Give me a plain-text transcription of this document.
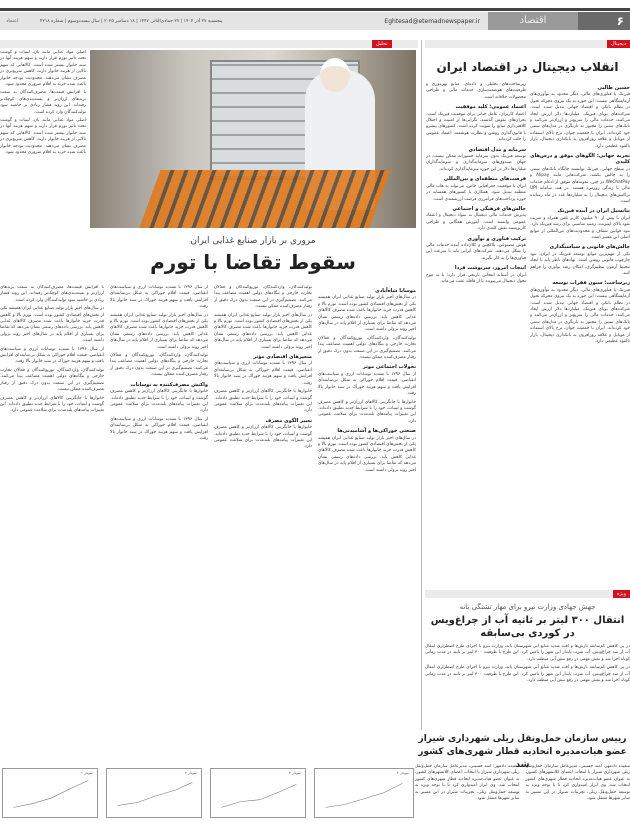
۶
اقتصاد
Eghtesad@etemadnewspaper.ir
پنجشنبه ۲۷ آذر ۱۴۰۴ | ۲۷ جمادی‌الثانی ۱۴۴۷ | ۱۸ دسامبر ۲۰۲۵ | سال بیست‌وسوم | شماره ۴۲۱۸
اعتماد
دیجیتال
انقلاب دیجیتال در اقتصاد ایران
حسین طالبی

فین‌تک یا فناوری‌های مالی، دیگر محدود به نوآوری‌های آزمایشگاهی نیست؛ این حوزه به یک نیروی محرکه تحول در نظام بانکی و اقتصاد جهانی تبدیل شده است. شرکت‌های نوپای فین‌تک، میلیاردها دلار ارزش ایجاد می‌کنند، خدمات مالی را سریع‌تر و ارزان‌تر می‌کنند و بانک‌های سنتی را مجبور به بازنگری در مدل‌های سنتی خود کرده‌اند. ایران با جمعیت جوان، نرخ بالای استفاده از موبایل و علاقه روزافزون به بانکداری دیجیتال، بازار بالقوه عظیمی دارد.

تجربه جهانی: الگوهای موفق و درس‌های کلیدی

در سطح جهانی، فین‌تک توانسته جایگاه بانک‌های سنتی را به چالش بکشد. شرکت‌هایی مانند Alipay و WeChatPay در چین، نمونه‌های موفق از ادغام خدمات مالی با زندگی روزمره هستند. در هند، سامانه UPI تراکنش‌های دیجیتال را به میلیاردها عدد در ماه رسانده است.

پتانسیل ایران در آینده فین‌تک

ایران با بیش از ۹۰ میلیون کاربر تلفن همراه و ضریب نفوذ بالای اینترنت، زمینه مناسبی برای رشد فین‌تک دارد. نبود قوانین شفاف و محدودیت‌های بین‌المللی از موانع اصلی این مسیر است.

چالش‌های قانونی و سیاستگذاری

یکی از مهم‌ترین موانع توسعه فین‌تک در ایران، نبود چارچوب قانونی روشن است. نهادهای ناظر باید با ایجاد محیط آزمون تنظیم‌گری، امکان رشد نوآوری را فراهم کنند.

زیرساخت؛ ستون فقرات توسعه

فین‌تک یا فناوری‌های مالی، دیگر محدود به نوآوری‌های آزمایشگاهی نیست؛ این حوزه به یک نیروی محرکه تحول در نظام بانکی و اقتصاد جهانی تبدیل شده است. شرکت‌های نوپای فین‌تک، میلیاردها دلار ارزش ایجاد می‌کنند، خدمات مالی را سریع‌تر و ارزان‌تر می‌کنند و بانک‌های سنتی را مجبور به بازنگری در مدل‌های سنتی خود کرده‌اند. ایران با جمعیت جوان، نرخ بالای استفاده از موبایل و علاقه روزافزون به بانکداری دیجیتال، بازار بالقوه عظیمی دارد.

زیرساخت‌های تحلیلی و داده‌ای، منابع بهره‌وری و ظرفیت‌های هوشمندسازی خدمات مالی و طراحی محصولات خلاقانه است.

اعتماد عمومی؛ کلید موفقیت

اعتماد کاربران، عامل حیاتی برای موفقیت فین‌تک است. بحران‌های نقوش گذشته، نگرانی‌ها از امنیت و اختلال کلاهبرداری منابع را تقویت کرده است. کشورهای پیشرو با قانون‌گذاری روشن و نظارت هوشمند، اعتماد عمومی را جلب کرده‌اند.

سرمایه و مدل اقتصادی

توسعه فین‌تک بدون سرمایه جسورانه ممکن نیست. در جهان صندوق‌های سرمایه‌گذاری و سرمایه‌گذاران میلیاردها دلار در این حوزه سرمایه‌گذاری کرده‌اند.

فرصت‌های منطقه‌ای و بین‌المللی

ایران با موقعیت جغرافیایی خاص، می‌تواند به هاب مالی منطقه تبدیل شود. همکاری با کشورهای همسایه در حوزه پرداخت‌های فرامرزی فرصت ارزشمندی است.

چالش‌های فرهنگی و اجتماعی

پذیرش خدمات مالی دیجیتال به سواد دیجیتال و اعتماد عمومی وابسته است. آموزش همگانی و طراحی کاربرپسند نقش کلیدی دارد.

ترکیب فناوری و نوآوری

هوش مصنوعی، بلاکچین و کلان‌داده آینده خدمات مالی را شکل می‌دهند. شرکت‌های ایرانی باید با سرعت این فناوری‌ها را به کار بگیرند.

انتخاب امروز، سرنوشت فردا

ایران در آستانه انتخابی تاریخی قرار دارد؛ یا به موج تحول دیجیتال می‌پیوندد یا از قافله عقب می‌ماند.

ویژه
جهش جهادی وزارت نیرو برای مهار تشنگی بانه
انتقال ۳۰۰ لیتر بر ثانیه آب از چراغ‌ویس در کوردی بی‌سابقه

در پی کاهش کم‌سابقه بارش‌ها و افت شدید منابع آبی شهرستان بانه، وزارت نیرو با اجرای طرح اضطراری انتقال آب از سد چراغ‌ویس، آب شرب پایدار این شهر را تامین کرد. این طرح با ظرفیت ۳۰۰ لیتر بر ثانیه در مدت زمانی کوتاه اجرا شد و نقش مهمی در رفع تنش آبی منطقه دارد.

در پی کاهش کم‌سابقه بارش‌ها و افت شدید منابع آبی شهرستان بانه، وزارت نیرو با اجرای طرح اضطراری انتقال آب از سد چراغ‌ویس، آب شرب پایدار این شهر را تامین کرد. این طرح با ظرفیت ۳۰۰ لیتر بر ثانیه در مدت زمانی کوتاه اجرا شد و نقش مهمی در رفع تنش آبی منطقه دارد.

رییس سازمان حمل‌ونقل ریلی شهرداری شیراز عضو هیات‌مدیره اتحادیه قطار شهری‌های کشور شد

سعیده دادمهر: آمنه حسینی، مدیرعامل سازمان حمل‌ونقل ریلی شهرداری شیراز با انتخاب اعضای کلانشهرهای کشور، به عنوان عضو هیات‌مدیره اتحادیه قطار شهری‌های کشور انتخاب شد. وی ابراز امیدواری کرد تا با توجه ویژه به توسعه حمل‌ونقل ریلی، تجربیات شیراز در این مسیر به سایر شهرها منتقل شود.

سعیده دادمهر: آمنه حسینی، مدیرعامل سازمان حمل‌ونقل ریلی شهرداری شیراز با انتخاب اعضای کلانشهرهای کشور، به عنوان عضو هیات‌مدیره اتحادیه قطار شهری‌های کشور انتخاب شد. وی ابراز امیدواری کرد تا با توجه ویژه به توسعه حمل‌ونقل ریلی، تجربیات شیراز در این مسیر به سایر شهرها منتقل شود.

تحلیل

اصلی مواد غذایی مانند نان، لبنیات و گوشت تحت تاثیر تورم قرار دارند و سهم هزینه آنها در سبد خانوار بیشتر شده است. کالاهایی که سهم بالایی از هزینه خانوار دارند، کاهش سریع‌تری در مصرف نشان می‌دهند. محدودیت بودجه خانوار باعث شده خرید به اقلام ضروری محدود شود.

با افزایش قیمت‌ها، مصرف‌کنندگان به سمت برندهای ارزان‌تر و بسته‌بندی‌های کوچک‌تر رفته‌اند. این روند فشار زیادی بر حاشیه سود تولیدکنندگان وارد کرده است.

اصلی مواد غذایی مانند نان، لبنیات و گوشت تحت تاثیر تورم قرار دارند و سهم هزینه آنها در سبد خانوار بیشتر شده است. کالاهایی که سهم بالایی از هزینه خانوار دارند، کاهش سریع‌تری در مصرف نشان می‌دهند. محدودیت بودجه خانوار باعث شده خرید به اقلام ضروری محدود شود.

مروری بر بازار صنایع غذایی ایران
سقوط تقاضا با تورم
موسانا شاه‌آبادی

در سال‌های اخیر بازار تولید صنایع غذایی ایران همیشه یکی از بخش‌های اقتصادی کشور بوده است. تورم بالا و کاهش قدرت خرید خانوارها باعث شده مصرف کالاهای غذایی کاهش یابد. بررسی داده‌های رسمی نشان می‌دهد که تقاضا برای بسیاری از اقلام پایه در سال‌های اخیر روند نزولی داشته است.

تولیدکنندگان، واردکنندگان، توزیع‌کنندگان و فعالان تجارت خارجی و بنگاه‌های دولتی اهمیت مضاعف پیدا می‌کنند. تصمیم‌گیری در این صنعت بدون درک دقیق از رفتار مصرف‌کننده ممکن نیست.

تحولات اجتماعی موثر

از سال ۱۳۹۶ با تشدید نوسانات ارزی و سیاست‌های انقباضی، قیمت اقلام خوراکی به شکل بی‌سابقه‌ای افزایش یافت و سهم هزینه خوراک در سبد خانوار بالا رفت.

خانوارها با جایگزینی کالاهای ارزان‌تر و کاهش مصرف گوشت و لبنیات، خود را با شرایط جدید تطبیق داده‌اند. این تغییرات پیامدهای بلندمدت برای سلامت عمومی دارد.

صنعتی خوراکی‌ها و آشامیدنی‌ها

در سال‌های اخیر بازار تولید صنایع غذایی ایران همیشه یکی از بخش‌های اقتصادی کشور بوده است. تورم بالا و کاهش قدرت خرید خانوارها باعث شده مصرف کالاهای غذایی کاهش یابد. بررسی داده‌های رسمی نشان می‌دهد که تقاضا برای بسیاری از اقلام پایه در سال‌های اخیر روند نزولی داشته است.

تولیدکنندگان، واردکنندگان، توزیع‌کنندگان و فعالان تجارت خارجی و بنگاه‌های دولتی اهمیت مضاعف پیدا می‌کنند. تصمیم‌گیری در این صنعت بدون درک دقیق از رفتار مصرف‌کننده ممکن نیست.

در سال‌های اخیر بازار تولید صنایع غذایی ایران همیشه یکی از بخش‌های اقتصادی کشور بوده است. تورم بالا و کاهش قدرت خرید خانوارها باعث شده مصرف کالاهای غذایی کاهش یابد. بررسی داده‌های رسمی نشان می‌دهد که تقاضا برای بسیاری از اقلام پایه در سال‌های اخیر روند نزولی داشته است.

متغیرهای اقتصادی مؤثر

از سال ۱۳۹۶ با تشدید نوسانات ارزی و سیاست‌های انقباضی، قیمت اقلام خوراکی به شکل بی‌سابقه‌ای افزایش یافت و سهم هزینه خوراک در سبد خانوار بالا رفت.

خانوارها با جایگزینی کالاهای ارزان‌تر و کاهش مصرف گوشت و لبنیات، خود را با شرایط جدید تطبیق داده‌اند. این تغییرات پیامدهای بلندمدت برای سلامت عمومی دارد.

تغییر الگوی مصرف

خانوارها با جایگزینی کالاهای ارزان‌تر و کاهش مصرف گوشت و لبنیات، خود را با شرایط جدید تطبیق داده‌اند. این تغییرات پیامدهای بلندمدت برای سلامت عمومی دارد.

از سال ۱۳۹۶ با تشدید نوسانات ارزی و سیاست‌های انقباضی، قیمت اقلام خوراکی به شکل بی‌سابقه‌ای افزایش یافت و سهم هزینه خوراک در سبد خانوار بالا رفت.

در سال‌های اخیر بازار تولید صنایع غذایی ایران همیشه یکی از بخش‌های اقتصادی کشور بوده است. تورم بالا و کاهش قدرت خرید خانوارها باعث شده مصرف کالاهای غذایی کاهش یابد. بررسی داده‌های رسمی نشان می‌دهد که تقاضا برای بسیاری از اقلام پایه در سال‌های اخیر روند نزولی داشته است.

تولیدکنندگان، واردکنندگان، توزیع‌کنندگان و فعالان تجارت خارجی و بنگاه‌های دولتی اهمیت مضاعف پیدا می‌کنند. تصمیم‌گیری در این صنعت بدون درک دقیق از رفتار مصرف‌کننده ممکن نیست.

واکنش مصرف‌کننده به نوسانات

خانوارها با جایگزینی کالاهای ارزان‌تر و کاهش مصرف گوشت و لبنیات، خود را با شرایط جدید تطبیق داده‌اند. این تغییرات پیامدهای بلندمدت برای سلامت عمومی دارد.

از سال ۱۳۹۶ با تشدید نوسانات ارزی و سیاست‌های انقباضی، قیمت اقلام خوراکی به شکل بی‌سابقه‌ای افزایش یافت و سهم هزینه خوراک در سبد خانوار بالا رفت.

با افزایش قیمت‌ها، مصرف‌کنندگان به سمت برندهای ارزان‌تر و بسته‌بندی‌های کوچک‌تر رفته‌اند. این روند فشار زیادی بر حاشیه سود تولیدکنندگان وارد کرده است.

در سال‌های اخیر بازار تولید صنایع غذایی ایران همیشه یکی از بخش‌های اقتصادی کشور بوده است. تورم بالا و کاهش قدرت خرید خانوارها باعث شده مصرف کالاهای غذایی کاهش یابد. بررسی داده‌های رسمی نشان می‌دهد که تقاضا برای بسیاری از اقلام پایه در سال‌های اخیر روند نزولی داشته است.

از سال ۱۳۹۶ با تشدید نوسانات ارزی و سیاست‌های انقباضی، قیمت اقلام خوراکی به شکل بی‌سابقه‌ای افزایش یافت و سهم هزینه خوراک در سبد خانوار بالا رفت.

تولیدکنندگان، واردکنندگان، توزیع‌کنندگان و فعالان تجارت خارجی و بنگاه‌های دولتی اهمیت مضاعف پیدا می‌کنند. تصمیم‌گیری در این صنعت بدون درک دقیق از رفتار مصرف‌کننده ممکن نیست.

خانوارها با جایگزینی کالاهای ارزان‌تر و کاهش مصرف گوشت و لبنیات، خود را با شرایط جدید تطبیق داده‌اند. این تغییرات پیامدهای بلندمدت برای سلامت عمومی دارد.

نمودار ۱	نمودار ۲	نمودار ۳	نمودار ۴
